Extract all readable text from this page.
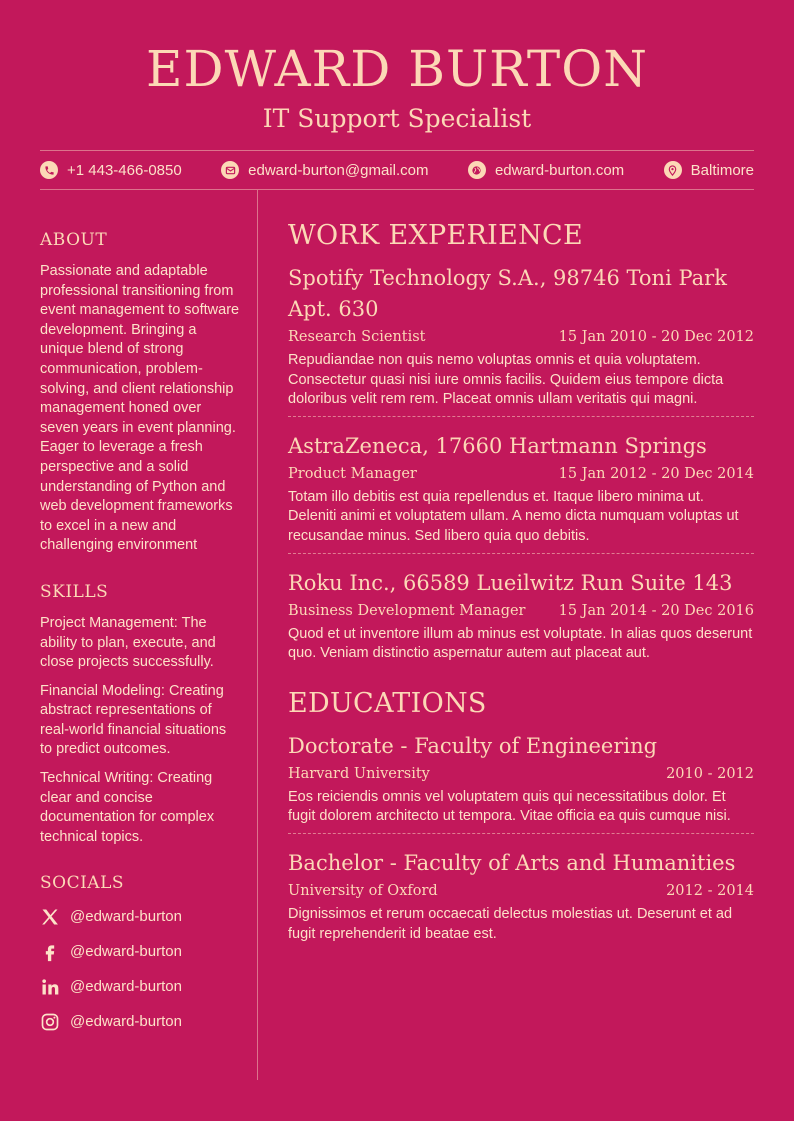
EDWARD BURTON
IT Support Specialist
+1 443-466-0850	edward-burton@gmail.com	edward-burton.com	Baltimore
ABOUT

Passionate and adaptable professional transitioning from event management to software development. Bringing a unique blend of strong communication, problem-solving, and client relationship management honed over seven years in event planning. Eager to leverage a fresh perspective and a solid understanding of Python and web development frameworks to excel in a new and challenging environment

SKILLS

Project Management: The ability to plan, execute, and close projects successfully.

Financial Modeling: Creating abstract representations of real-world financial situations to predict outcomes.

Technical Writing: Creating clear and concise documentation for complex technical topics.

SOCIALS
@edward-burton
@edward-burton
@edward-burton
@edward-burton
WORK EXPERIENCE
Spotify Technology S.A., 98746 Toni Park Apt. 630
Research Scientist	15 Jan 2010 - 20 Dec 2012

Repudiandae non quis nemo voluptas omnis et quia voluptatem. Consectetur quasi nisi iure omnis facilis. Quidem eius tempore dicta doloribus velit rem rem. Placeat omnis ullam veritatis qui magni.

AstraZeneca, 17660 Hartmann Springs
Product Manager	15 Jan 2012 - 20 Dec 2014

Totam illo debitis est quia repellendus et. Itaque libero minima ut. Deleniti animi et voluptatem ullam. A nemo dicta numquam voluptas ut recusandae minus. Sed libero quia quo debitis.

Roku Inc., 66589 Lueilwitz Run Suite 143
Business Development Manager 15 Jan 2014 - 20 Dec 2016

Quod et ut inventore illum ab minus est voluptate. In alias quos deserunt quo. Veniam distinctio aspernatur autem aut placeat aut.

EDUCATIONS
Doctorate - Faculty of Engineering
Harvard University	2010 - 2012

Eos reiciendis omnis vel voluptatem quis qui necessitatibus dolor. Et fugit dolorem architecto ut tempora. Vitae officia ea quis cumque nisi.

Bachelor - Faculty of Arts and Humanities
University of Oxford	2012 - 2014

Dignissimos et rerum occaecati delectus molestias ut. Deserunt et ad fugit reprehenderit id beatae est.
